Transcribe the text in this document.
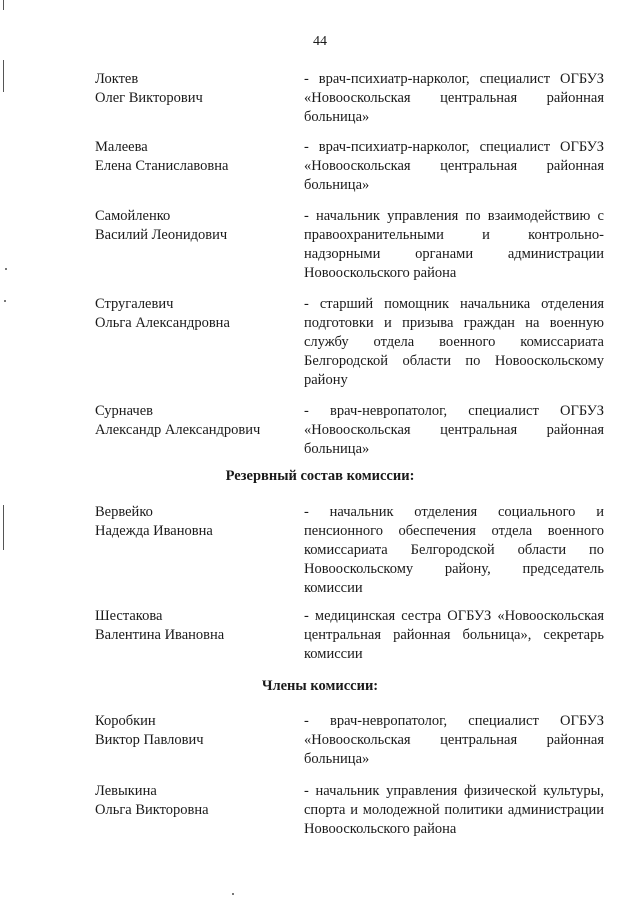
44
Локтев
Олег Викторович
- врач-психиатр-нарколог, специалист ОГБУЗ «Новооскольская центральная районная больница»
Малеева
Елена Станиславовна
- врач-психиатр-нарколог, специалист ОГБУЗ «Новооскольская центральная районная больница»
Самойленко
Василий Леонидович
- начальник управления по взаимодействию с правоохранительными и контрольно-надзорными органами администрации Новооскольского района
Стругалевич
Ольга Александровна
- старший помощник начальника отделения подготовки и призыва граждан на военную службу отдела военного комиссариата Белгородской области по Новооскольскому району
Сурначев
Александр Александрович
- врач-невропатолог, специалист ОГБУЗ «Новооскольская центральная районная больница»
Резервный состав комиссии:
Вервейко
Надежда Ивановна
- начальник отделения социального и пенсионного обеспечения отдела военного комиссариата Белгородской области по Новооскольскому району, председатель комиссии
Шестакова
Валентина Ивановна
- медицинская сестра ОГБУЗ «Новооскольская центральная районная больница», секретарь комиссии
Члены комиссии:
Коробкин
Виктор Павлович
- врач-невропатолог, специалист ОГБУЗ «Новооскольская центральная районная больница»
Левыкина
Ольга Викторовна
- начальник управления физической культуры, спорта и молодежной политики администрации Новооскольского района
